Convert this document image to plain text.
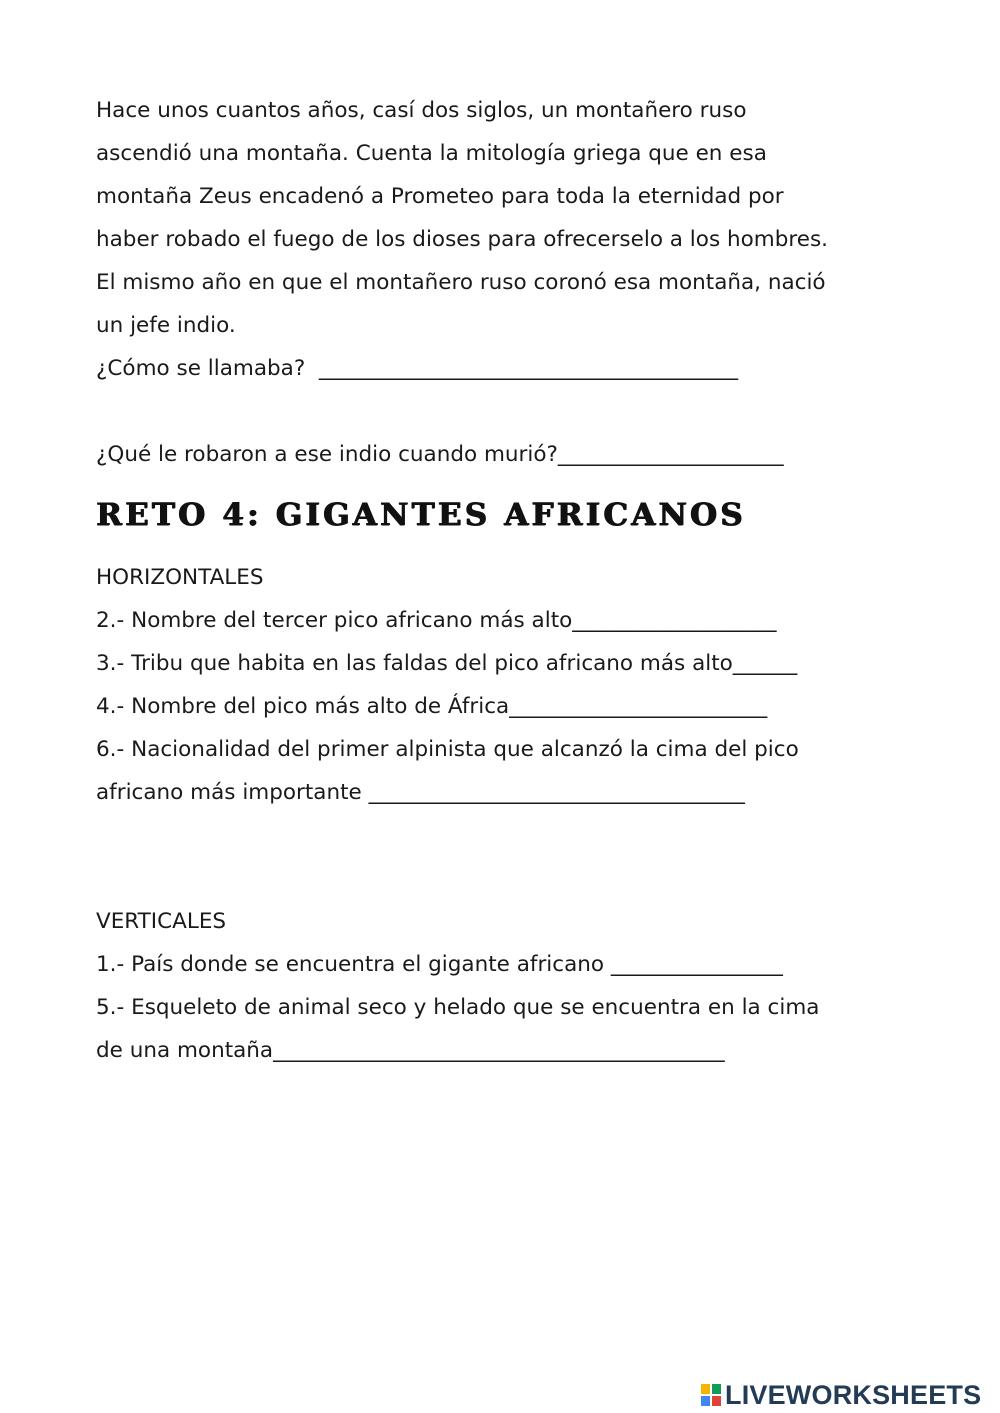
Hace unos cuantos años, casí dos siglos, un montañero ruso
ascendió una montaña. Cuenta la mitología griega que en esa
montaña Zeus encadenó a Prometeo para toda la eternidad por
haber robado el fuego de los dioses para ofrecerselo a los hombres.
El mismo año en que el montañero ruso coronó esa montaña, nació
un jefe indio.
¿Cómo se llamaba?  _______________________________________
¿Qué le robaron a ese indio cuando murió?_____________________
RETO 4: GIGANTES AFRICANOS
HORIZONTALES
2.- Nombre del tercer pico africano más alto___________________
3.- Tribu que habita en las faldas del pico africano más alto______
4.- Nombre del pico más alto de África________________________
6.- Nacionalidad del primer alpinista que alcanzó la cima del pico
africano más importante ___________________________________
VERTICALES
1.- País donde se encuentra el gigante africano ________________
5.- Esqueleto de animal seco y helado que se encuentra en la cima
de una montaña__________________________________________
LIVEWORKSHEETS
